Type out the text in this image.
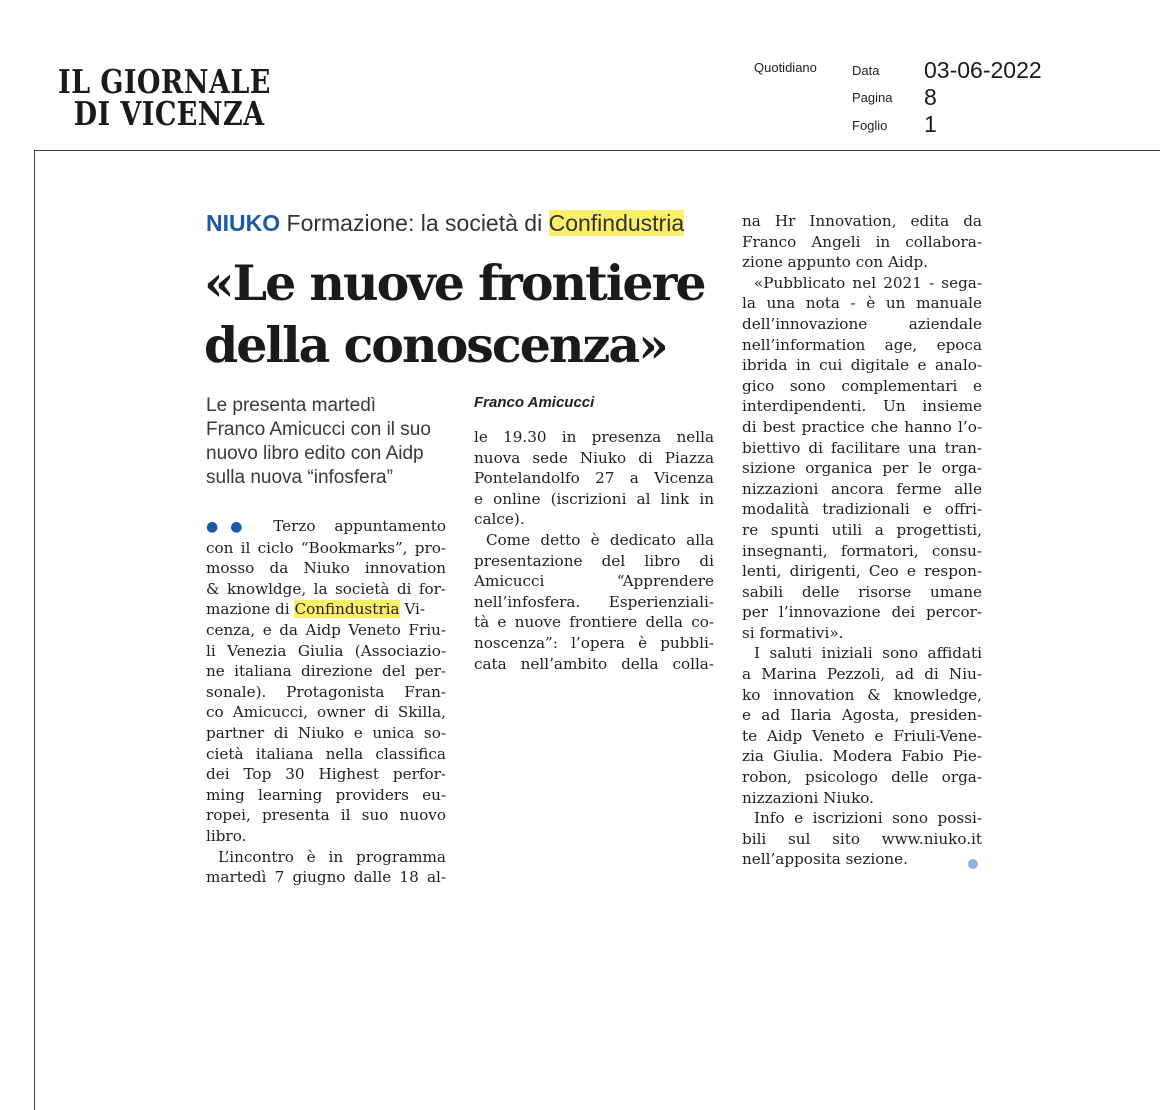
IL GIORNALE
DI VICENZA
Quotidiano	Data 03-06-2022
Pagina 8
Foglio 1
NIUKO Formazione: la società di Confindustria
«Le nuove frontiere
della conoscenza»
Le presenta martedì
Franco Amicucci con il suo
nuovo libro edito con Aidp
sulla nuova “infosfera”
Franco Amicucci
●● Terzo appuntamento
con il ciclo “Bookmarks”, pro-
mosso da Niuko innovation
& knowldge, la società di for-
mazione di Confindustria Vi-
cenza, e da Aidp Veneto Friu-
li Venezia Giulia (Associazio-
ne italiana direzione del per-
sonale). Protagonista Fran-
co Amicucci, owner di Skilla,
partner di Niuko e unica so-
cietà italiana nella classifica
dei Top 30 Highest perfor-
ming learning providers eu-
ropei, presenta il suo nuovo
libro.
L’incontro è in programma
martedì 7 giugno dalle 18 al-
le 19.30 in presenza nella
nuova sede Niuko di Piazza
Pontelandolfo 27 a Vicenza
e online (iscrizioni al link in
calce).
Come detto è dedicato alla
presentazione del libro di
Amicucci “Apprendere
nell’infosfera. Esperienziali-
tà e nuove frontiere della co-
noscenza”: l’opera è pubbli-
cata nell’ambito della colla-
na Hr Innovation, edita da
Franco Angeli in collabora-
zione appunto con Aidp.
«Pubblicato nel 2021 - sega-
la una nota - è un manuale
dell’innovazione aziendale
nell’information age, epoca
ibrida in cui digitale e analo-
gico sono complementari e
interdipendenti. Un insieme
di best practice che hanno l’o-
biettivo di facilitare una tran-
sizione organica per le orga-
nizzazioni ancora ferme alle
modalità tradizionali e offri-
re spunti utili a progettisti,
insegnanti, formatori, consu-
lenti, dirigenti, Ceo e respon-
sabili delle risorse umane
per l’innovazione dei percor-
si formativi».
I saluti iniziali sono affidati
a Marina Pezzoli, ad di Niu-
ko innovation & knowledge,
e ad Ilaria Agosta, presiden-
te Aidp Veneto e Friuli-Vene-
zia Giulia. Modera Fabio Pie-
robon, psicologo delle orga-
nizzazioni Niuko.
Info e iscrizioni sono possi-
bili sul sito www.niuko.it
nell’apposita sezione.
